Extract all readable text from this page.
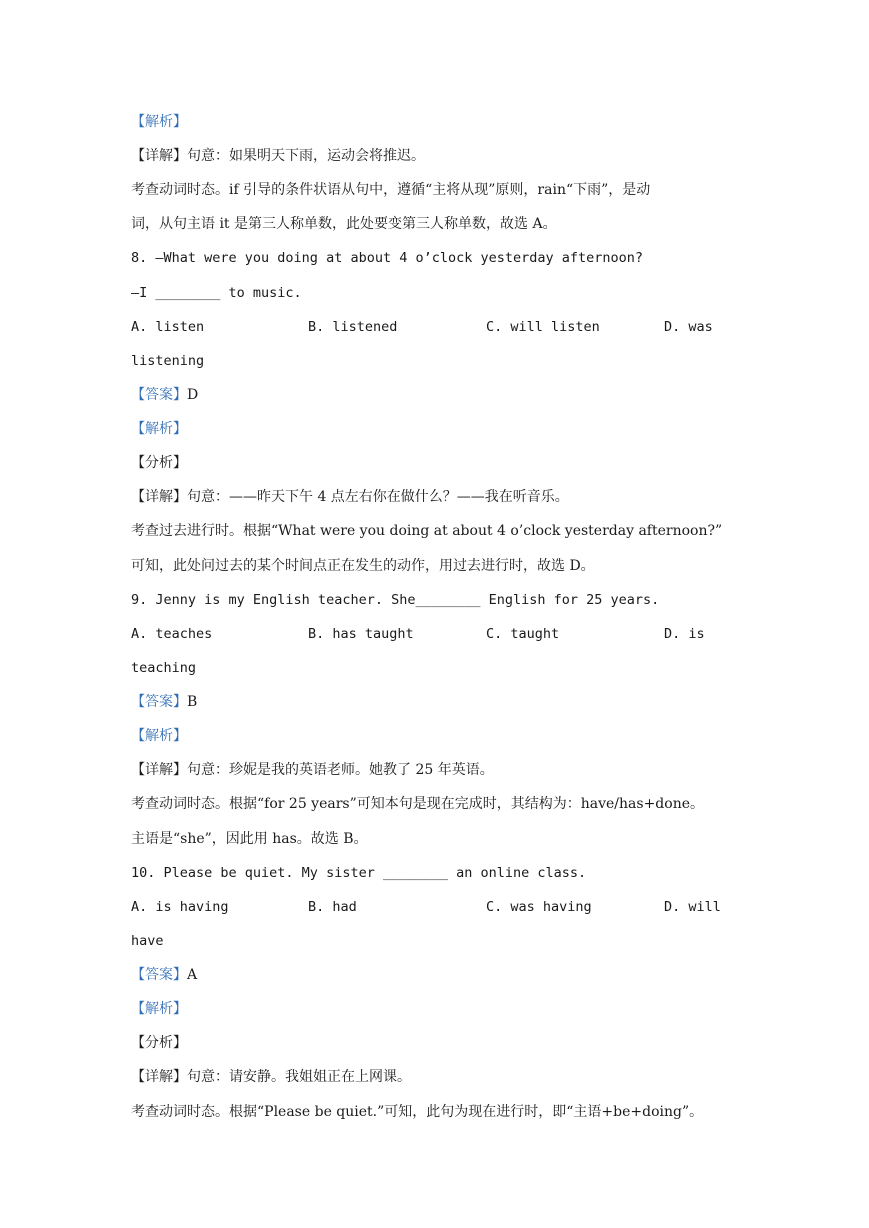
【解析】
【详解】句意：如果明天下雨，运动会将推迟。
考查动词时态。if 引导的条件状语从句中，遵循“主将从现”原则，rain“下雨”，是动
词，从句主语 it 是第三人称单数，此处要变第三人称单数，故选 A。
8. —What were you doing at about 4 o’clock yesterday afternoon?
—I ________ to music.
A. listen	B. listened	C. will listen	D. was
listening
【答案】D
【解析】
【分析】
【详解】句意：——昨天下午 4 点左右你在做什么？——我在听音乐。
考查过去进行时。根据“What were you doing at about 4 o’clock yesterday afternoon?”
可知，此处问过去的某个时间点正在发生的动作，用过去进行时，故选 D。
9. Jenny is my English teacher. She________ English for 25 years.
A. teaches	B. has taught	C. taught	D. is
teaching
【答案】B
【解析】
【详解】句意：珍妮是我的英语老师。她教了 25 年英语。
考查动词时态。根据“for 25 years”可知本句是现在完成时，其结构为：have/has+done。
主语是“she”，因此用 has。故选 B。
10. Please be quiet. My sister ________ an online class.
A. is having	B. had	C. was having	D. will
have
【答案】A
【解析】
【分析】
【详解】句意：请安静。我姐姐正在上网课。
考查动词时态。根据“Please be quiet.”可知，此句为现在进行时，即“主语+be+doing”。
